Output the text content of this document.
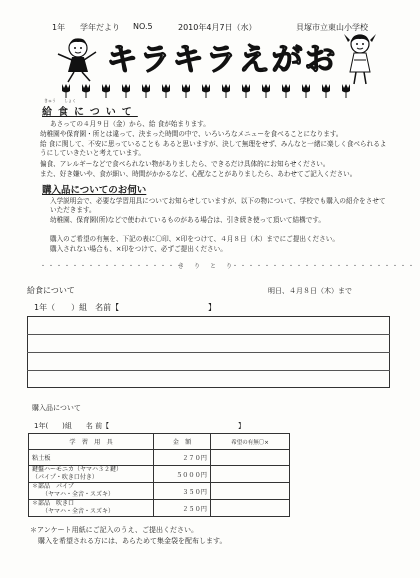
1年 学年だより NO.5	2010年4月7日（水）	貝塚市立東山小学校
キラキラえがお
きゅう　　しょく
給食について
あさっての４月９日（金）から、給 食が始まります。
幼稚園や保育園・所とは違って、決まった時間の中で、いろいろなメニューを食べることになります。
給 食に関して、不安に思っていることも あると思いますが、決して無理をせず、みんなと一緒に楽しく食べられるようにしていきたいと考えています。
偏食、アレルギーなどで食べられない物がありましたら、できるだけ具体的にお知らせください。
また、好き嫌いや、食が細い、時間がかかるなど、心配なことがありましたら、あわせてご記入ください。
購入品についてのお伺い
入学説明会で、必要な学習用具についてお知らせしていますが、以下の物について、学校でも購入の紹介をさせていただきます。
幼稚園、保育園(所)などで使われているものがある場合は、引き続き使って頂いて結構です。
購入のご希望の有無を、下記の表に〇印、×印をつけて、４月８日（木）までにご提出ください。
購入されない場合も、×印をつけて、必ずご提出ください。
・・・・・・・・・・・・・・・・・・
き　り　と　り
・・・・・・・・・・・・・・・・・・・・・・・
給食について	明日、４月８日（木）まで
1年（　　）組　名前【	】
購入品について
1年(　　)組　　名 前【	】
学　習　用　具	金　額	希望の有無〇×
粘土板	２７０円	

鍵盤ハーモニカ（ヤマハ３２鍵）
（パイプ・吹き口付き）	５０００円	

＊部品　パイプ
（ヤマハ・全音・スズキ）	３５０円	

＊部品　吹き口
（ヤマハ・全音・スズキ）	２５０円	
＊アンケート用紙にご記入のうえ、ご提出ください。
購入を希望される方には、あらためて集金袋を配布します。
